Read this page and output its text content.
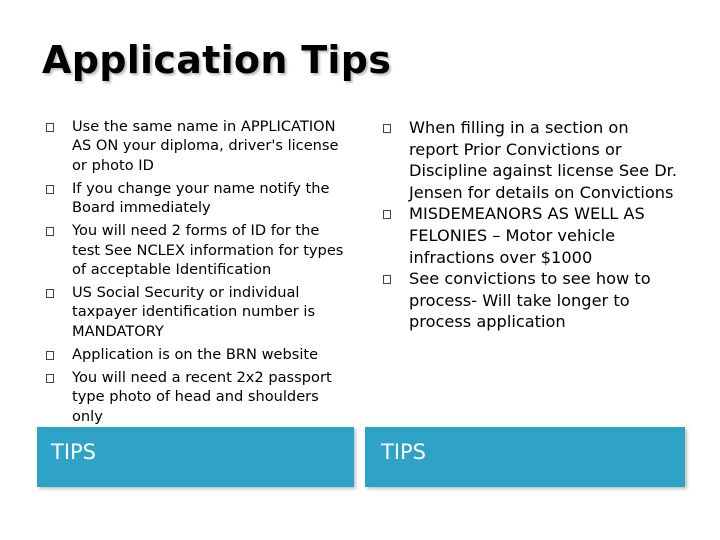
Application Tips
Use the same name in APPLICATION AS ON your diploma, driver's license or photo ID
If you change your name notify the Board immediately
You will need 2 forms of ID for the test See NCLEX information for types of acceptable Identification
US Social Security or individual taxpayer identification number is MANDATORY
Application is on the BRN website
You will need a recent 2x2 passport type photo of head and shoulders only
When filling in a section on report Prior Convictions or Discipline against license See Dr. Jensen for details on Convictions
MISDEMEANORS AS WELL AS FELONIES – Motor vehicle infractions over $1000
See convictions to see how to process- Will take longer to process application
TIPS	TIPS
